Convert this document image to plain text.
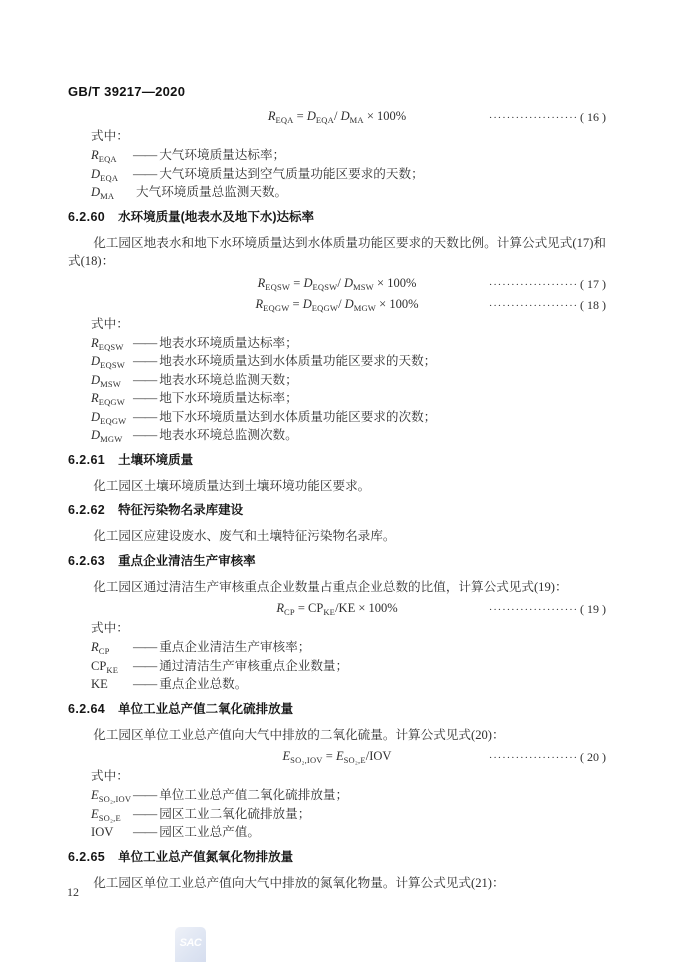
GB/T 39217—2020
$R_{EQA} = D_{EQA}/$ $D_{MA} \times 100\%$	···················· ( 16 )
式中：
$R_{EQA}$ —— 大气环境质量达标率；
$D_{EQA}$ —— 大气环境质量达到空气质量功能区要求的天数；
$D_{MA}$ 大气环境质量总监测天数。
6.2.60 水环境质量(地表水及地下水)达标率
化工园区地表水和地下水环境质量达到水体质量功能区要求的天数比例。计算公式见式(17)和式(18)：
$R_{EQSW} = D_{EQSW}/$ $D_{MSW} \times 100\%$	···················· ( 17 )
$R_{EQGW} = D_{EQGW}/$ $D_{MGW} \times 100\%$	···················· ( 18 )
式中：
$R_{EQSW}$ —— 地表水环境质量达标率；
$D_{EQSW}$ —— 地表水环境质量达到水体质量功能区要求的天数；
$D_{MSW}$ —— 地表水环境总监测天数；
$R_{EQGW}$ —— 地下水环境质量达标率；
$D_{EQGW}$ —— 地下水环境质量达到水体质量功能区要求的次数；
$D_{MGW}$ —— 地表水环境总监测次数。
6.2.61 土壤环境质量
化工园区土壤环境质量达到土壤环境功能区要求。
6.2.62 特征污染物名录库建设
化工园区应建设废水、废气和土壤特征污染物名录库。
6.2.63 重点企业清洁生产审核率
化工园区通过清洁生产审核重点企业数量占重点企业总数的比值，计算公式见式(19)：
$R_{CP} = CP_{KE}/KE \times 100\%$	···················· ( 19 )
式中：
$R_{CP}$ —— 重点企业清洁生产审核率；
$CP_{KE}$ —— 通过清洁生产审核重点企业数量；
KE —— 重点企业总数。
6.2.64 单位工业总产值二氧化硫排放量
化工园区单位工业总产值向大气中排放的二氧化硫量。计算公式见式(20)：
$E_{SO_2,IOV} = E_{SO_2,E}/IOV$	···················· ( 20 )
式中：
$E_{SO_2,IOV}$ —— 单位工业总产值二氧化硫排放量；
$E_{SO_2,E}$ —— 园区工业二氧化硫排放量；
IOV —— 园区工业总产值。
6.2.65 单位工业总产值氮氧化物排放量
化工园区单位工业总产值向大气中排放的氮氧化物量。计算公式见式(21)：
12
SAC
